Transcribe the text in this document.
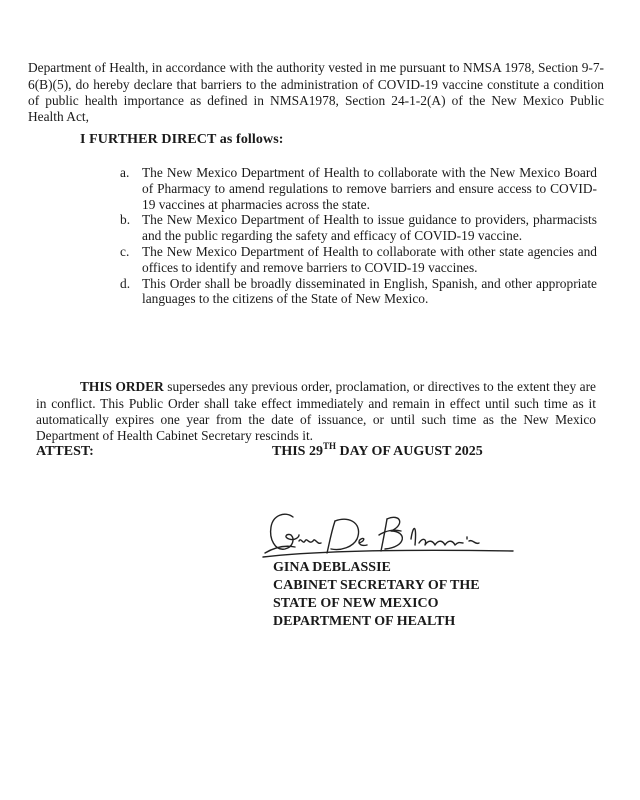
Department of Health, in accordance with the authority vested in me pursuant to NMSA 1978, Section 9-7-6(B)(5), do hereby declare that barriers to the administration of COVID-19 vaccine constitute a condition of public health importance as defined in NMSA1978, Section 24-1-2(A) of the New Mexico Public Health Act,

I FURTHER DIRECT as follows:
a. The New Mexico Department of Health to collaborate with the New Mexico Board of Pharmacy to amend regulations to remove barriers and ensure access to COVID-19 vaccines at pharmacies across the state.
b. The New Mexico Department of Health to issue guidance to providers, pharmacists and the public regarding the safety and efficacy of COVID-19 vaccine.
c. The New Mexico Department of Health to collaborate with other state agencies and offices to identify and remove barriers to COVID-19 vaccines.
d. This Order shall be broadly disseminated in English, Spanish, and other appropriate languages to the citizens of the State of New Mexico.

THIS ORDER supersedes any previous order, proclamation, or directives to the extent they are in conflict. This Public Order shall take effect immediately and remain in effect until such time as it automatically expires one year from the date of issuance, or until such time as the New Mexico Department of Health Cabinet Secretary rescinds it.

ATTEST:	THIS 29TH DAY OF AUGUST 2025
GINA DEBLASSIE
CABINET SECRETARY OF THE
STATE OF NEW MEXICO
DEPARTMENT OF HEALTH
